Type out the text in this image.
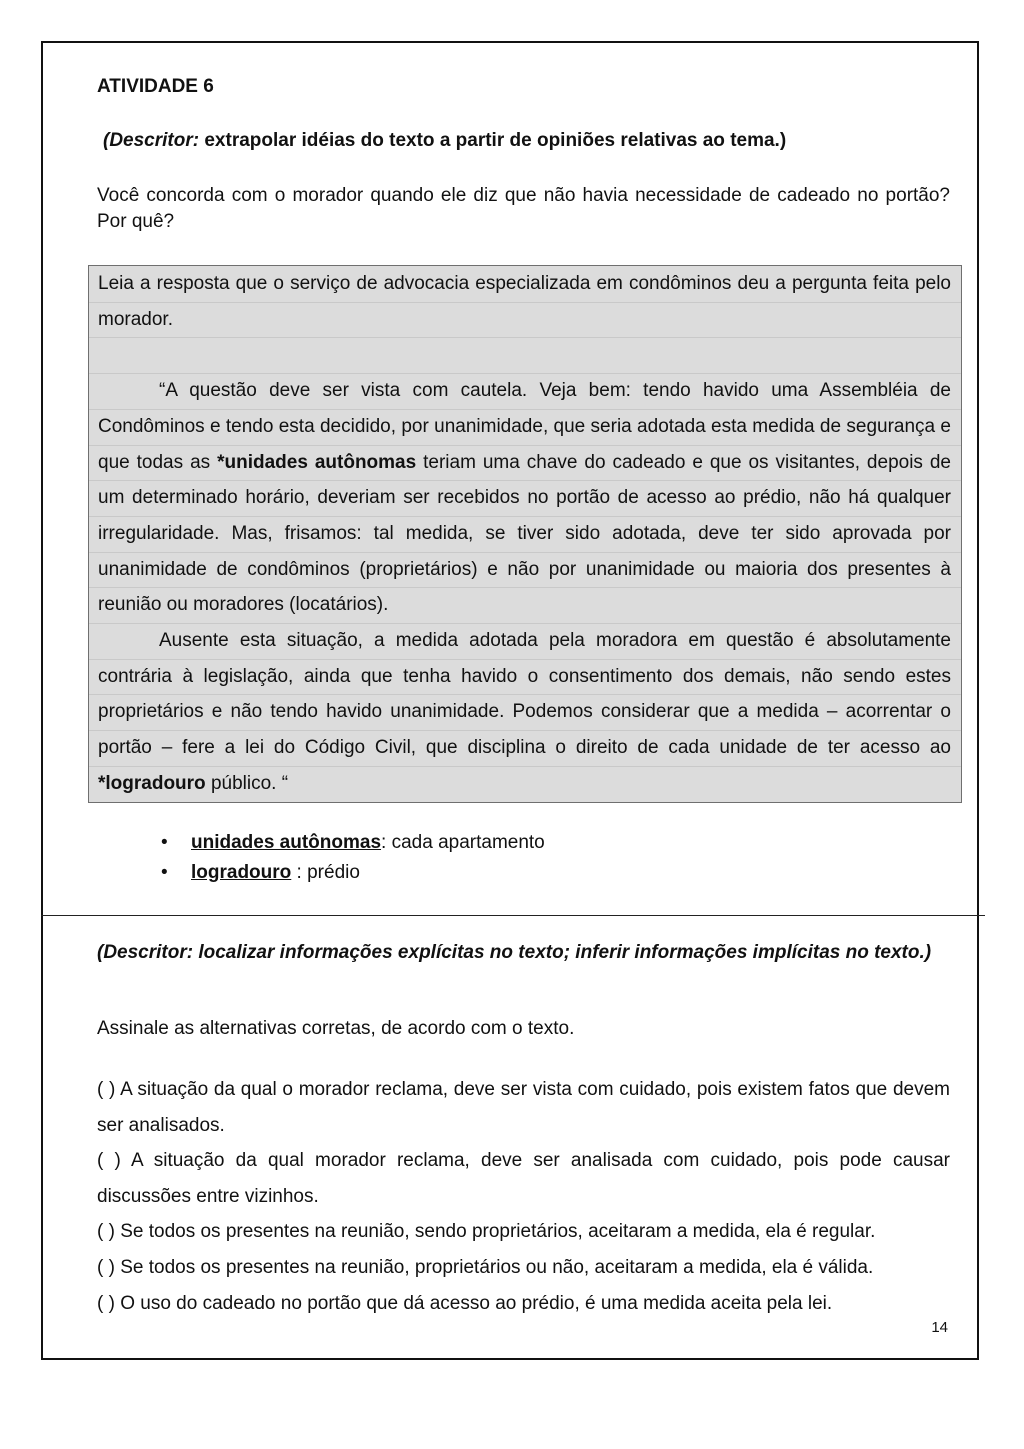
ATIVIDADE 6
(Descritor: extrapolar idéias do texto a partir de opiniões relativas ao tema.)
Você concorda com o morador quando ele diz que não havia necessidade de cadeado no portão? Por quê?

Leia a resposta que o serviço de advocacia especializada em condôminos deu a pergunta feita pelo morador.

“A questão deve ser vista com cautela. Veja bem: tendo havido uma Assembléia de Condôminos e tendo esta decidido, por unanimidade, que seria adotada esta medida de segurança e que todas as *unidades autônomas teriam uma chave do cadeado e que os visitantes, depois de um determinado horário, deveriam ser recebidos no portão de acesso ao prédio, não há qualquer irregularidade. Mas, frisamos: tal medida, se tiver sido adotada, deve ter sido aprovada por unanimidade de condôminos (proprietários) e não por unanimidade ou maioria dos presentes à reunião ou moradores (locatários).

Ausente esta situação, a medida adotada pela moradora em questão é absolutamente contrária à legislação, ainda que tenha havido o consentimento dos demais, não sendo estes proprietários e não tendo havido unanimidade. Podemos considerar que a medida – acorrentar o portão – fere a lei do Código Civil, que disciplina o direito de cada unidade de ter acesso ao *logradouro público. “

• unidades autônomas: cada apartamento
• logradouro : prédio
(Descritor: localizar informações explícitas no texto; inferir informações implícitas no texto.)
Assinale as alternativas corretas, de acordo com o texto.

( ) A situação da qual o morador reclama, deve ser vista com cuidado, pois existem fatos que devem ser analisados.

( ) A situação da qual morador reclama, deve ser analisada com cuidado, pois pode causar discussões entre vizinhos.

( ) Se todos os presentes na reunião, sendo proprietários, aceitaram a medida, ela é regular.

( ) Se todos os presentes na reunião, proprietários ou não, aceitaram a medida, ela é válida.

( ) O uso do cadeado no portão que dá acesso ao prédio, é uma medida aceita pela lei.

14
